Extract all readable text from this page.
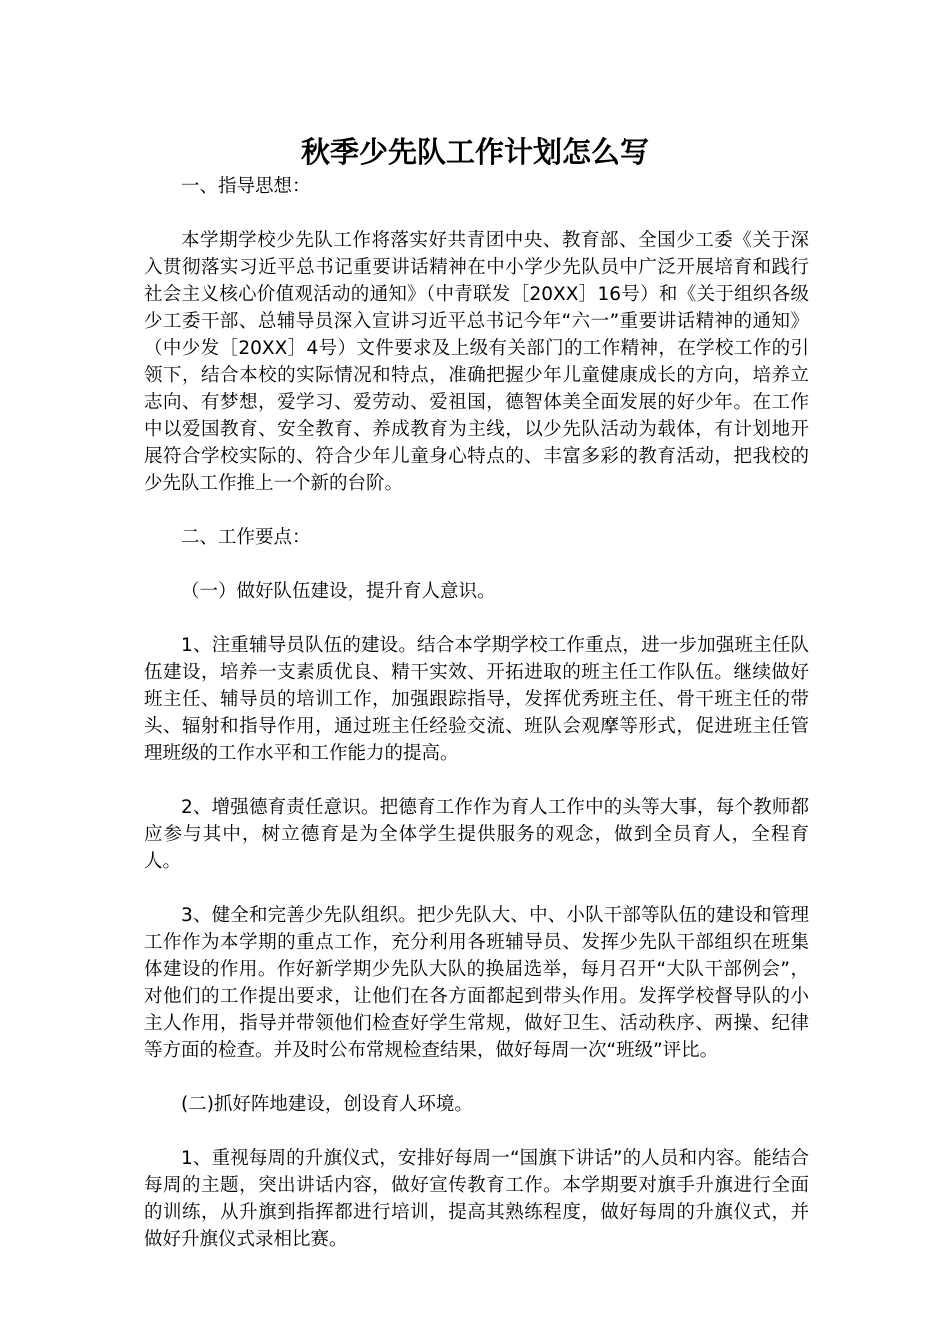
秋季少先队工作计划怎么写

一、指导思想：

本学期学校少先队工作将落实好共青团中央、教育部、全国少工委《关于深入贯彻落实习近平总书记重要讲话精神在中小学少先队员中广泛开展培育和践行社会主义核心价值观活动的通知》（中青联发［20XX］16号）和《关于组织各级少工委干部、总辅导员深入宣讲习近平总书记今年“六一”重要讲话精神的通知》（中少发［20XX］4号）文件要求及上级有关部门的工作精神，在学校工作的引领下，结合本校的实际情况和特点，准确把握少年儿童健康成长的方向，培养立志向、有梦想，爱学习、爱劳动、爱祖国，德智体美全面发展的好少年。在工作中以爱国教育、安全教育、养成教育为主线，以少先队活动为载体，有计划地开展符合学校实际的、符合少年儿童身心特点的、丰富多彩的教育活动，把我校的少先队工作推上一个新的台阶。

二、工作要点：

（一）做好队伍建设，提升育人意识。

1、注重辅导员队伍的建设。结合本学期学校工作重点，进一步加强班主任队伍建设，培养一支素质优良、精干实效、开拓进取的班主任工作队伍。继续做好班主任、辅导员的培训工作，加强跟踪指导，发挥优秀班主任、骨干班主任的带头、辐射和指导作用，通过班主任经验交流、班队会观摩等形式，促进班主任管理班级的工作水平和工作能力的提高。

2、增强德育责任意识。把德育工作作为育人工作中的头等大事，每个教师都应参与其中，树立德育是为全体学生提供服务的观念，做到全员育人，全程育人。

3、健全和完善少先队组织。把少先队大、中、小队干部等队伍的建设和管理工作作为本学期的重点工作，充分利用各班辅导员、发挥少先队干部组织在班集体建设的作用。作好新学期少先队大队的换届选举，每月召开“大队干部例会”，对他们的工作提出要求，让他们在各方面都起到带头作用。发挥学校督导队的小主人作用，指导并带领他们检查好学生常规，做好卫生、活动秩序、两操、纪律等方面的检查。并及时公布常规检查结果，做好每周一次“班级”评比。

(二)抓好阵地建设，创设育人环境。

1、重视每周的升旗仪式，安排好每周一“国旗下讲话”的人员和内容。能结合每周的主题，突出讲话内容，做好宣传教育工作。本学期要对旗手升旗进行全面的训练，从升旗到指挥都进行培训，提高其熟练程度，做好每周的升旗仪式，并做好升旗仪式录相比赛。
